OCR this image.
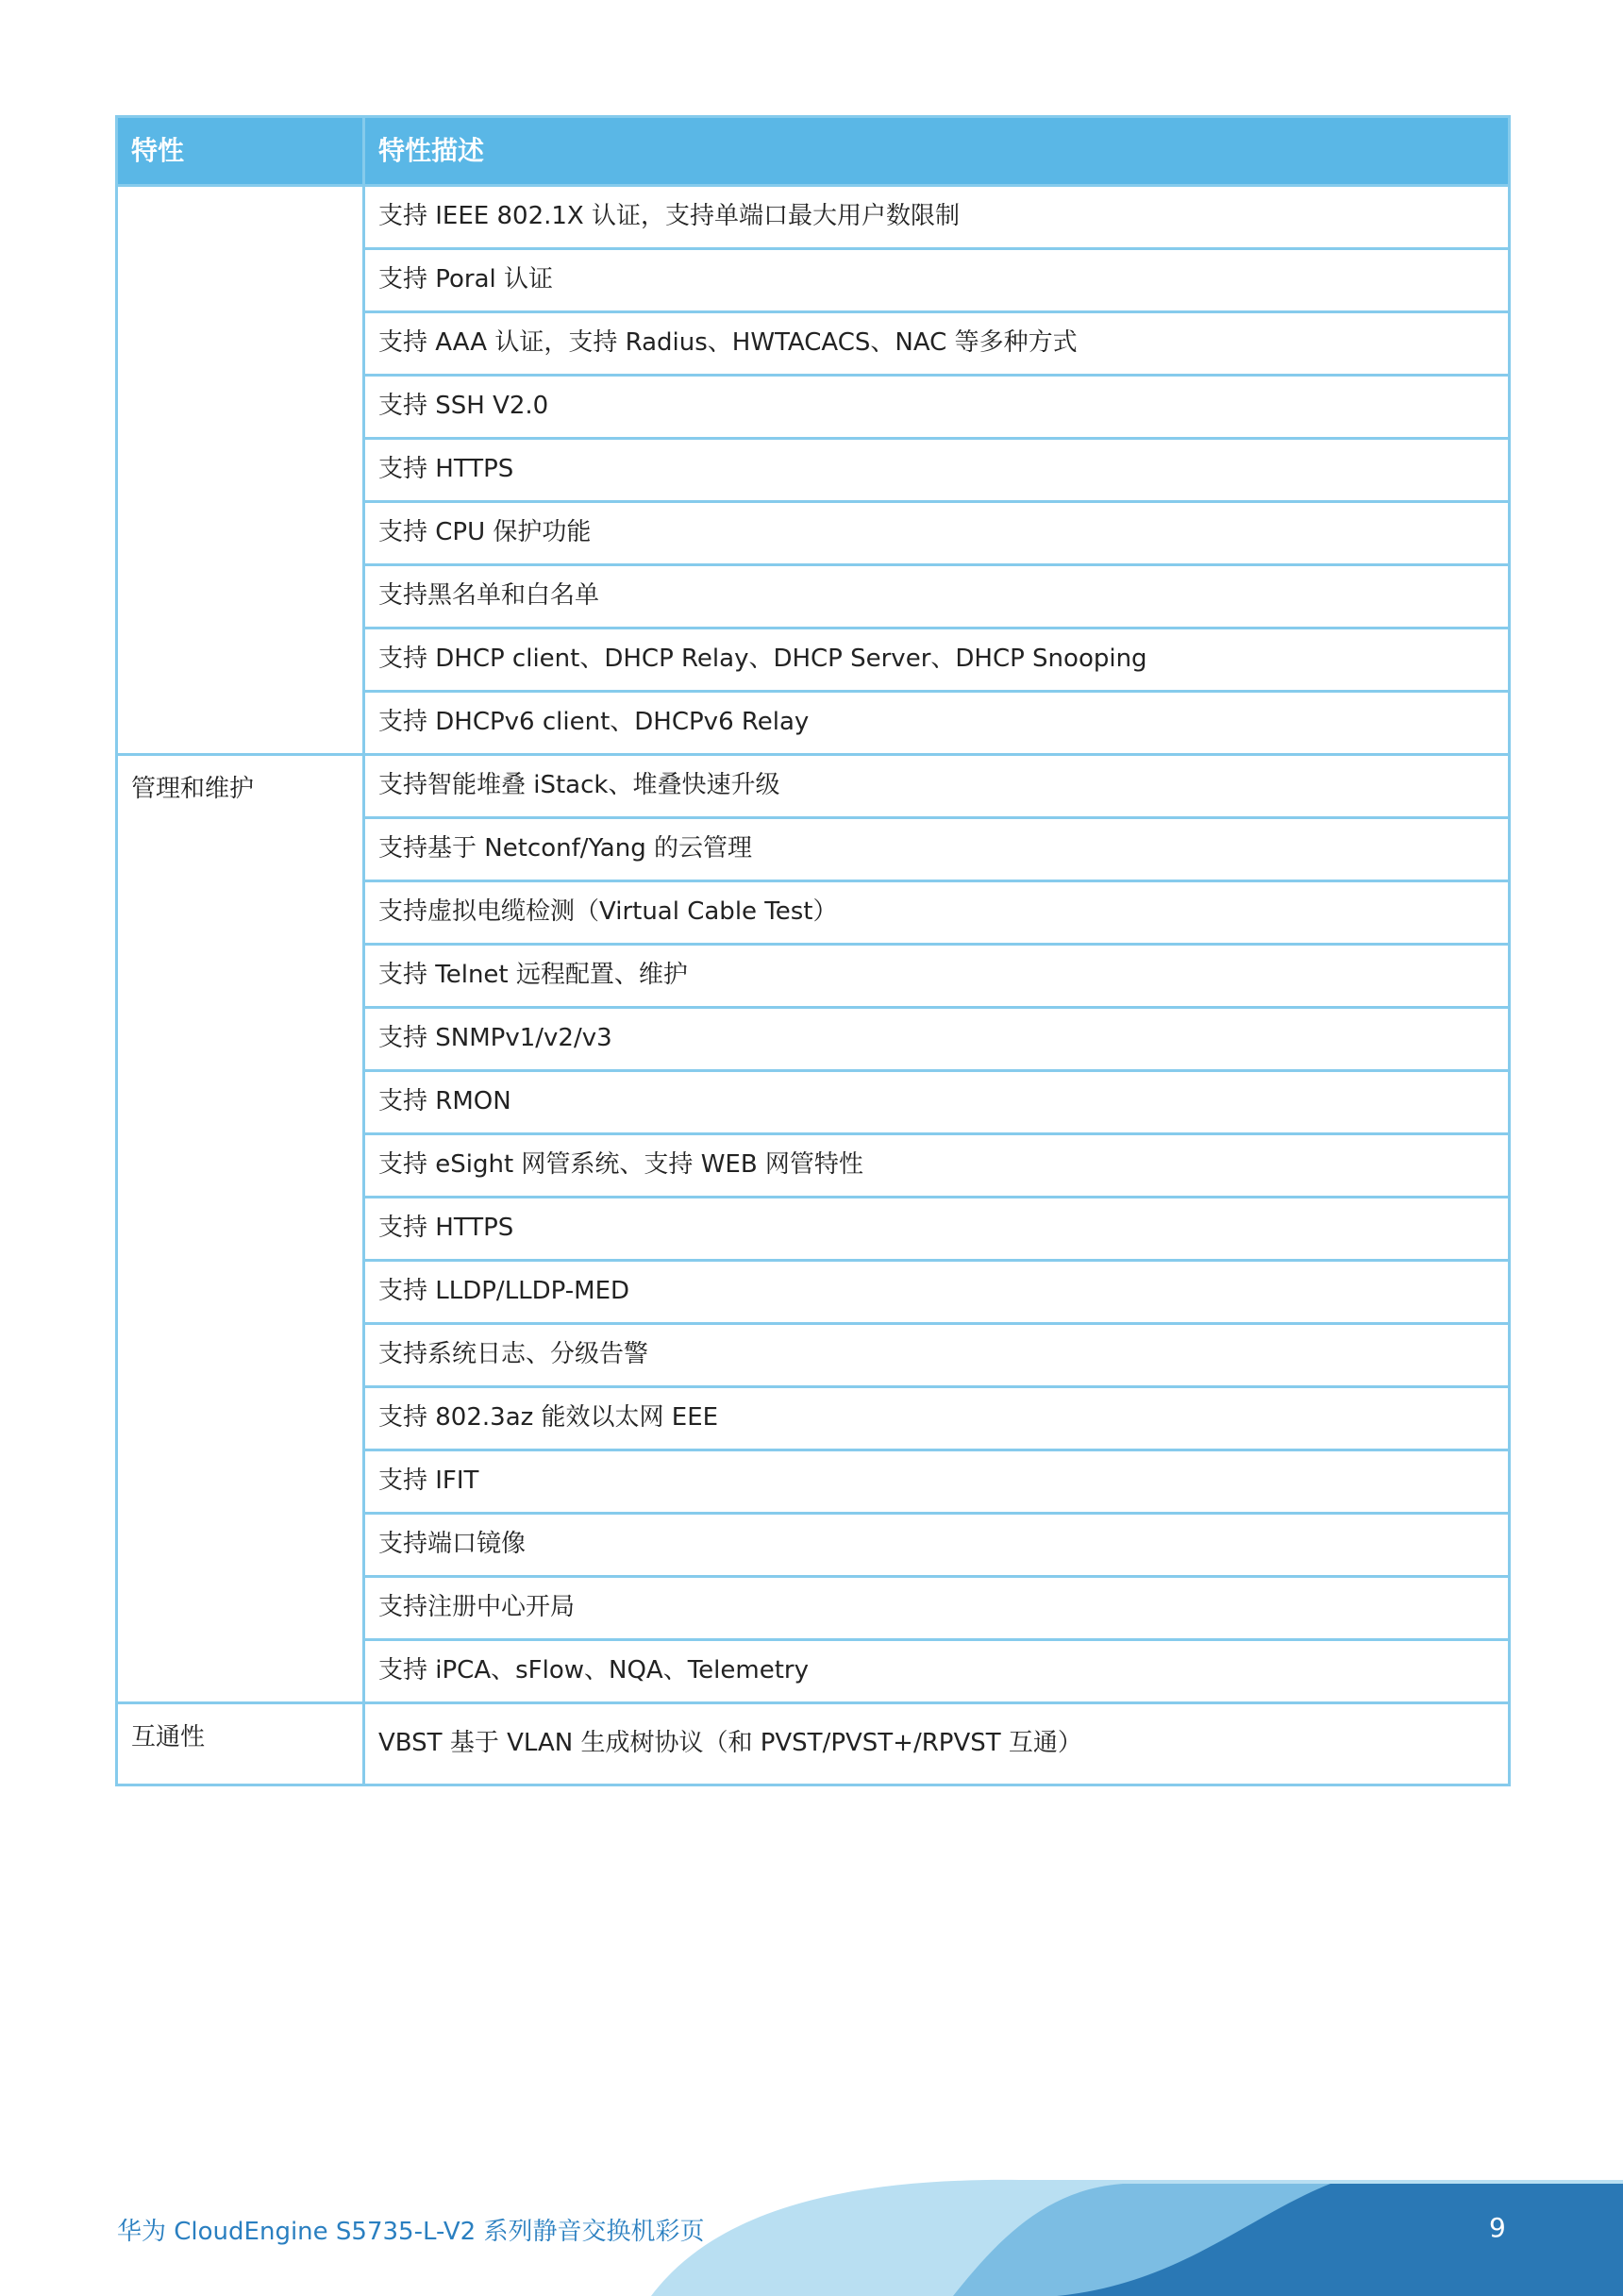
特性	特性描述
	支持 IEEE 802.1X 认证，支持单端口最大用户数限制
	支持 Poral 认证
	支持 AAA 认证，支持 Radius、HWTACACS、NAC 等多种方式
	支持 SSH V2.0
	支持 HTTPS
	支持 CPU 保护功能
	支持黑名单和白名单
	支持 DHCP client、DHCP Relay、DHCP Server、DHCP Snooping
	支持 DHCPv6 client、DHCPv6 Relay
管理和维护	支持智能堆叠 iStack、堆叠快速升级
	支持基于 Netconf/Yang 的云管理
	支持虚拟电缆检测（Virtual Cable Test）
	支持 Telnet 远程配置、维护
	支持 SNMPv1/v2/v3
	支持 RMON
	支持 eSight 网管系统、支持 WEB 网管特性
	支持 HTTPS
	支持 LLDP/LLDP-MED
	支持系统日志、分级告警
	支持 802.3az 能效以太网 EEE
	支持 IFIT
	支持端口镜像
	支持注册中心开局
	支持 iPCA、sFlow、NQA、Telemetry
互通性	VBST 基于 VLAN 生成树协议（和 PVST/PVST+/RPVST 互通）
华为 CloudEngine S5735-L-V2 系列静音交换机彩页	9
